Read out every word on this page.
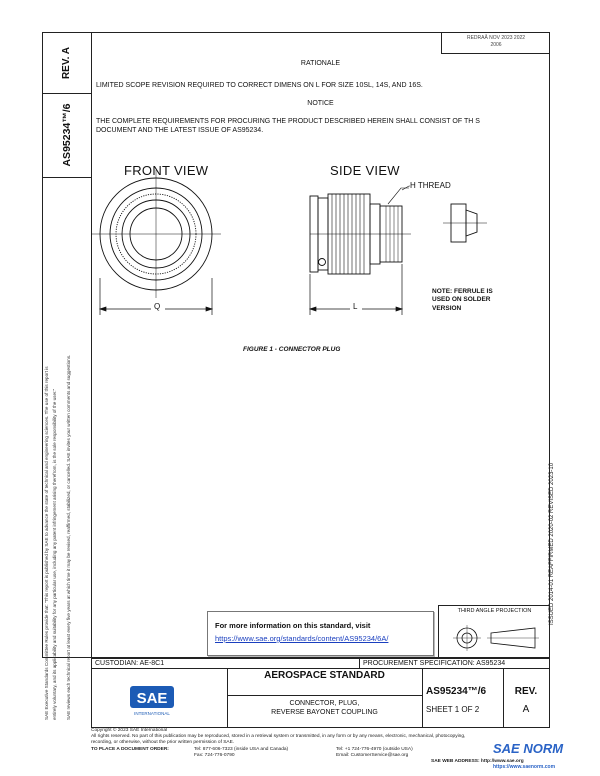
REV. A
AS95234™/6
SAE Executive Standards Committee Rules provide that: “This report is published by SAE to advance the state of technical and engineering sciences. The use of this report is entirely voluntary, and its applicability and suitability for any particular use, including any patent infringement arising therefrom, is the sole responsibility of the user.” SAE reviews each technical report at least every five years at which time it may be revised, reaffirmed, stabilized, or cancelled. SAE invites your written comments and suggestions.
REDRAÅ NOV 2023 2022
2006
RATIONALE
LIMITED SCOPE REVISION REQUIRED TO CORRECT DIMENS ON L FOR SIZE 10SL, 14S, AND 16S.
NOTICE
THE COMPLETE REQUIREMENTS FOR PROCURING THE PRODUCT DESCRIBED HEREIN SHALL CONSIST OF TH S
DOCUMENT AND THE LATEST ISSUE OF AS95234.
FRONT VIEW	SIDE VIEW
H THREAD
Q	L
NOTE: FERRULE IS
USED ON SOLDER
VERSION
FIGURE 1 - CONNECTOR PLUG
ISSUED 2014-01 REAFFIRMED 2020-02 REVISED 2023-10
For more information on this standard, visit
https://www.sae.org/standards/content/AS95234/6A/
THIRD ANGLE PROJECTION
CUSTODIAN: AE-8C1	PROCUREMENT SPECIFICATION: AS95234
AEROSPACE STANDARD
CONNECTOR, PLUG,
REVERSE BAYONET COUPLING
AS95234™/6
SHEET 1 OF 2
REV.
A
SAE
INTERNATIONAL
Copyright © 2023 SAE International
All rights reserved. No part of this publication may be reproduced, stored in a retrieval system or transmitted, in any form or by any means, electronic, mechanical, photocopying,
recording, or otherwise, without the prior written permission of SAE.
TO PLACE A DOCUMENT ORDER:	Tel: 877-606-7323 (inside USA and Canada)
Fax: 724-776-0790
Tel: +1 724-776-4970 (outside USA)
Email: CustomerService@sae.org
SAE WEB ADDRESS: http://www.sae.org
SAE NORM
https://www.saenorm.com
